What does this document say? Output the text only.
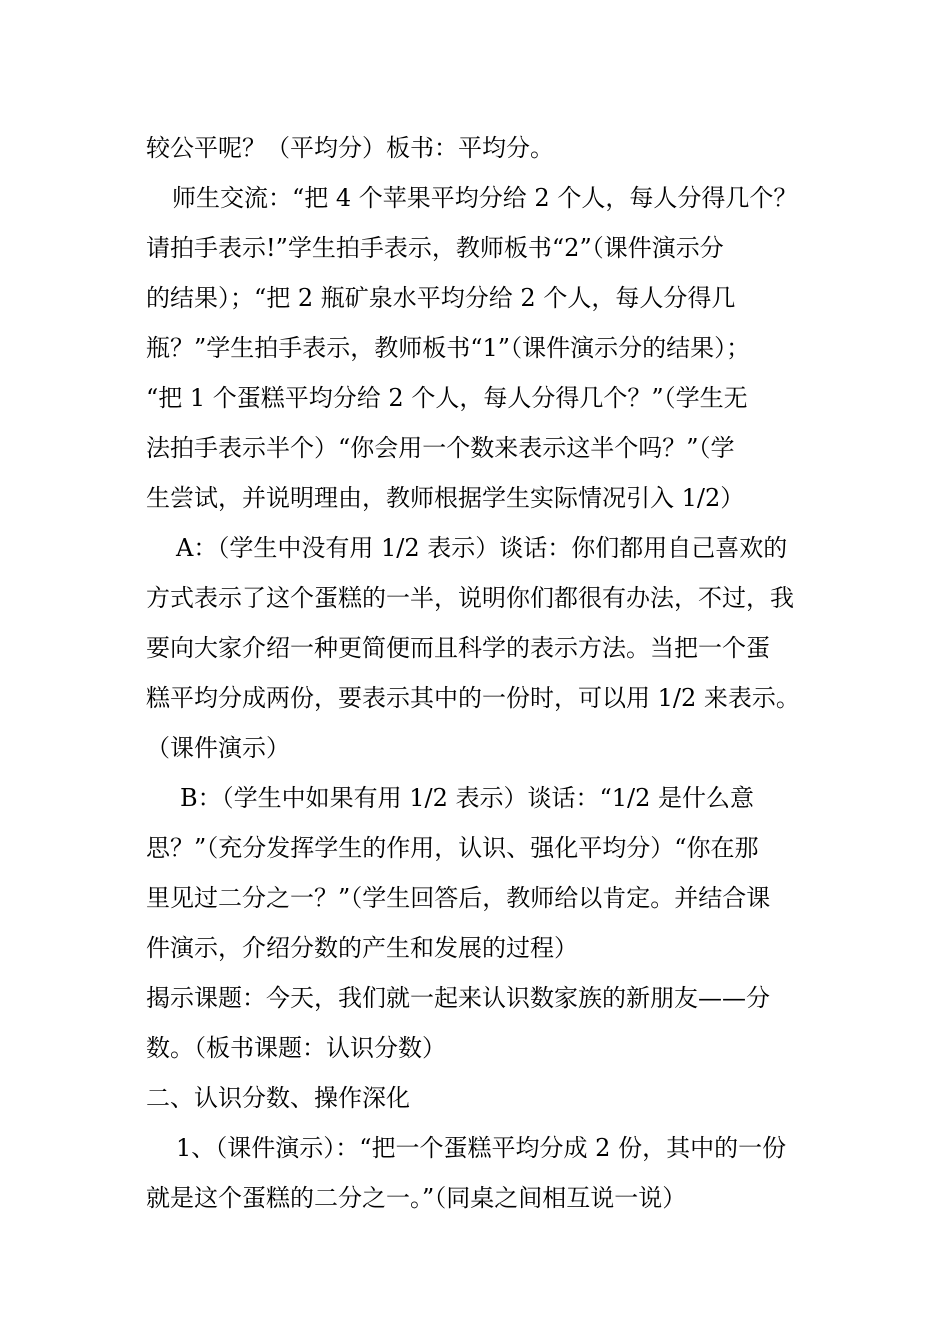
较公平呢？（平均分）板书：平均分。
师生交流：“把 4 个苹果平均分给 2 个人，每人分得几个？
请拍手表示!”学生拍手表示，教师板书“2”（课件演示分
的结果）；“把 2 瓶矿泉水平均分给 2 个人，每人分得几
瓶？”学生拍手表示，教师板书“1”（课件演示分的结果）；
“把 1 个蛋糕平均分给 2 个人，每人分得几个？”（学生无
法拍手表示半个）“你会用一个数来表示这半个吗？”（学
生尝试，并说明理由，教师根据学生实际情况引入 1/2）
A：（学生中没有用 1/2 表示）谈话：你们都用自己喜欢的
方式表示了这个蛋糕的一半，说明你们都很有办法，不过，我
要向大家介绍一种更简便而且科学的表示方法。当把一个蛋
糕平均分成两份，要表示其中的一份时，可以用 1/2 来表示。
（课件演示）
B：（学生中如果有用 1/2 表示）谈话：“1/2 是什么意
思？”（充分发挥学生的作用，认识、强化平均分）“你在那
里见过二分之一？”（学生回答后，教师给以肯定。并结合课
件演示，介绍分数的产生和发展的过程）
揭示课题：今天，我们就一起来认识数家族的新朋友——分
数。（板书课题：认识分数）
二、认识分数、操作深化
1、（课件演示）：“把一个蛋糕平均分成 2 份，其中的一份
就是这个蛋糕的二分之一。”（同桌之间相互说一说）
